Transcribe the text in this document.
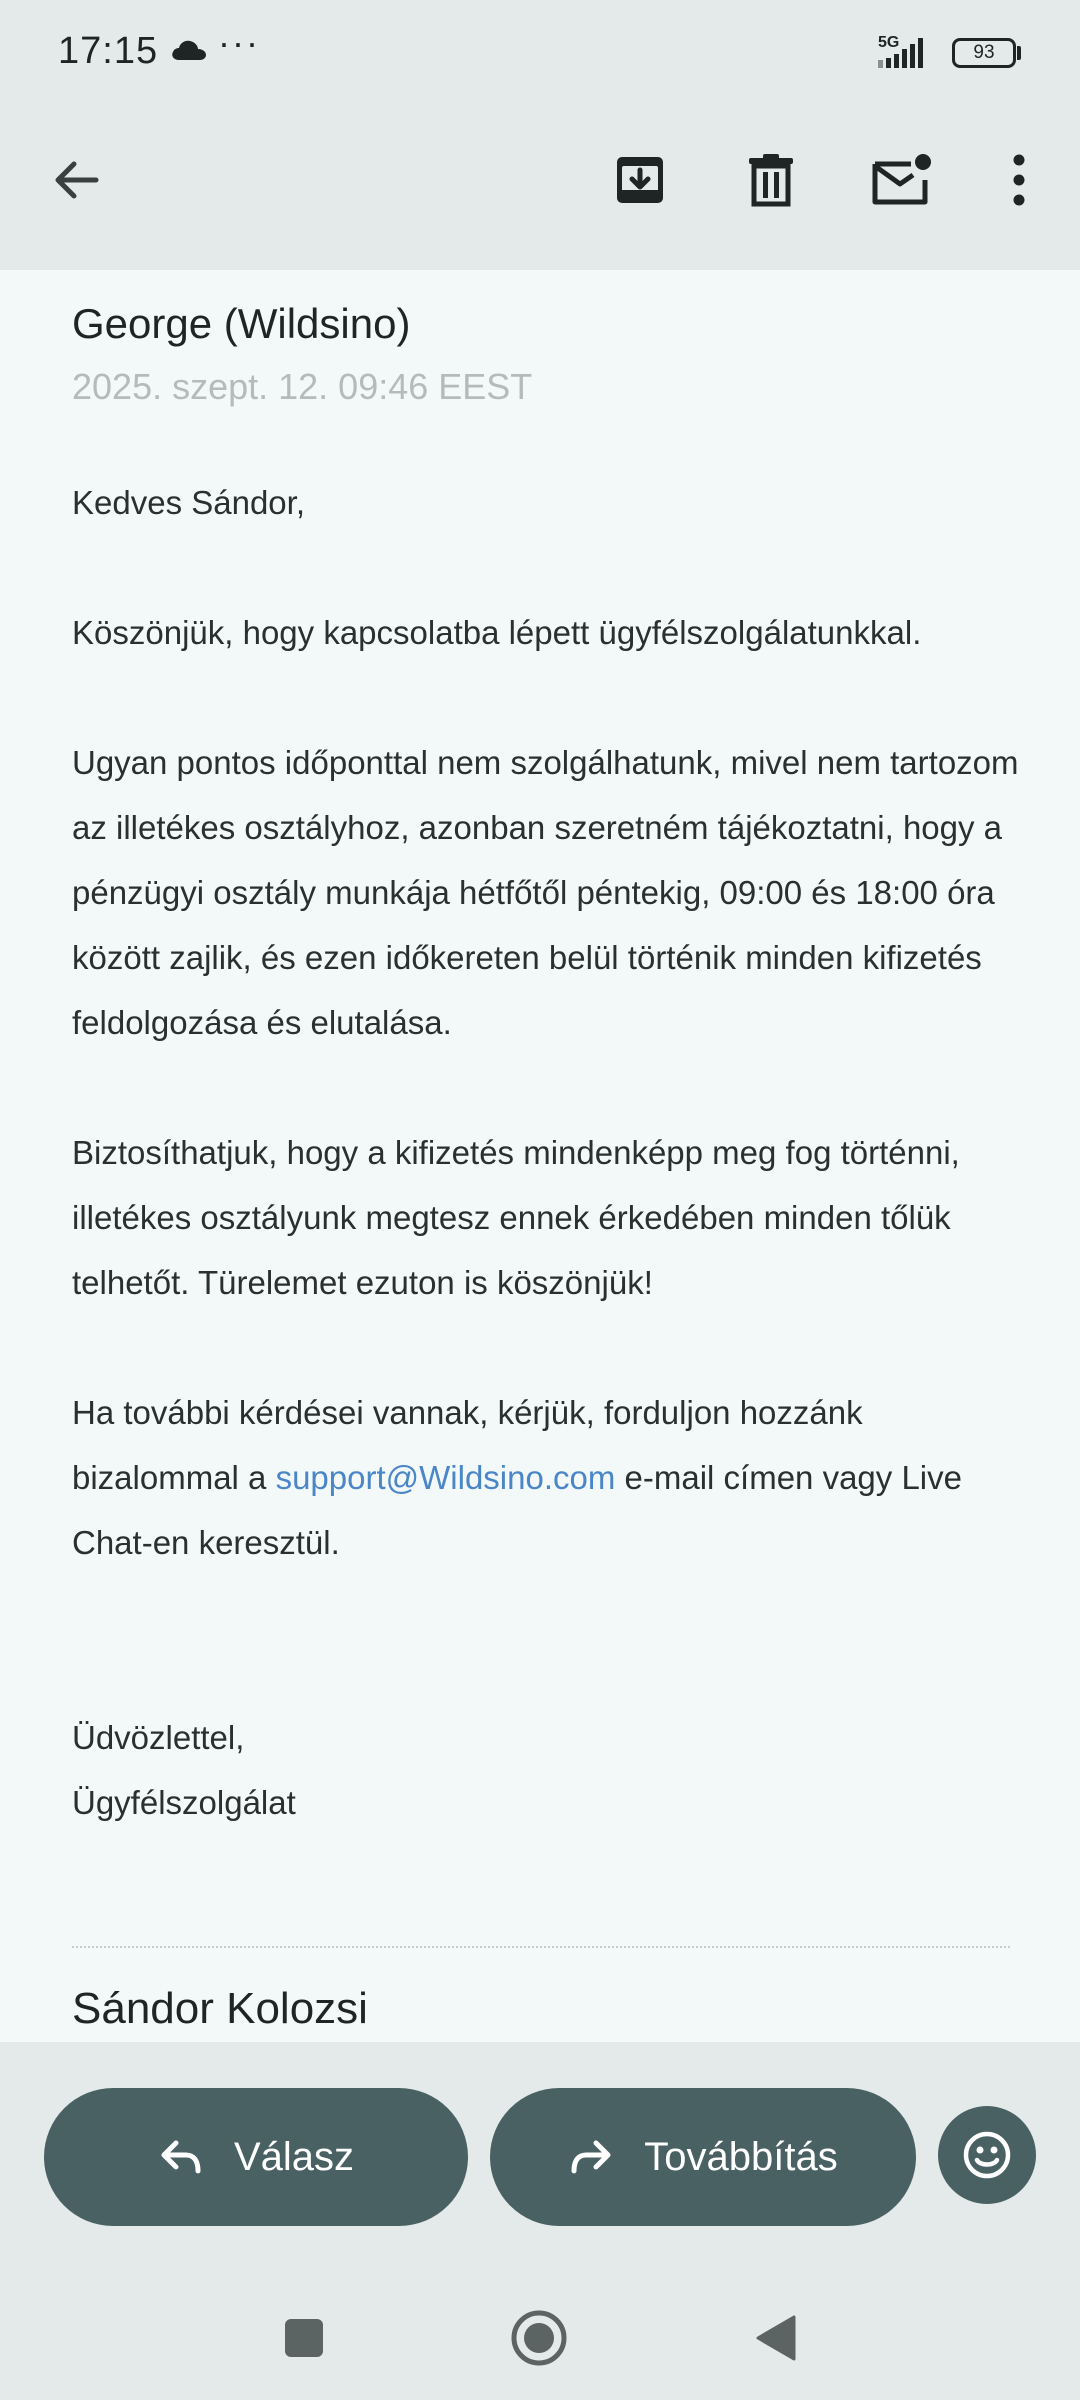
17:15 ···	5G	93
George (Wildsino)
2025. szept. 12. 09:46 EEST

Kedves Sándor,

Köszönjük, hogy kapcsolatba lépett ügyfélszolgálatunkkal.

Ugyan pontos időponttal nem szolgálhatunk, mivel nem tartozom az illetékes osztályhoz, azonban szeretném tájékoztatni, hogy a pénzügyi osztály munkája hétfőtől péntekig, 09:00 és 18:00 óra között zajlik, és ezen időkereten belül történik minden kifizetés feldolgozása és elutalása.

Biztosíthatjuk, hogy a kifizetés mindenképp meg fog történni, illetékes osztályunk megtesz ennek érkedében minden tőlük telhetőt. Türelemet ezuton is köszönjük!

Ha további kérdései vannak, kérjük, forduljon hozzánk bizalommal a support@Wildsino.com e-mail címen vagy Live Chat-en keresztül.

Üdvözlettel,

Ügyfélszolgálat

Sándor Kolozsi
Válasz	Továbbítás
